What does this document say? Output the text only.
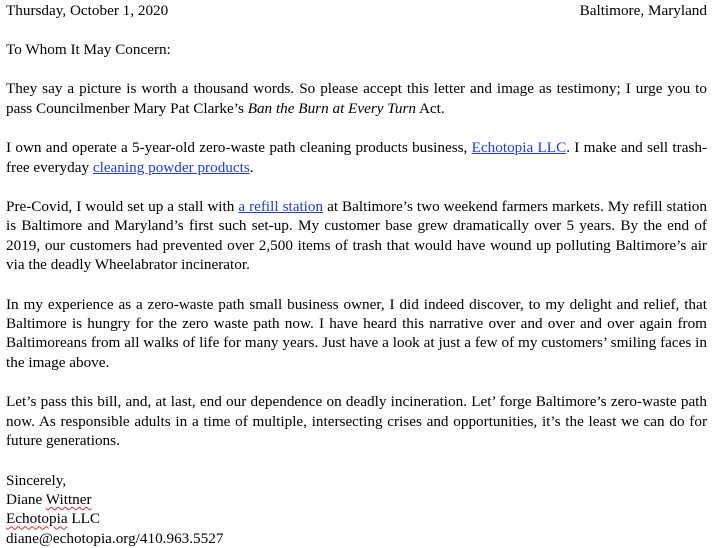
Thursday, October 1, 2020	Baltimore, Maryland

To Whom It May Concern:

They say a picture is worth a thousand words. So please accept this letter and image as testimony; I urge you to pass Councilmenber Mary Pat Clarke’s Ban the Burn at Every Turn Act.

I own and operate a 5-year-old zero-waste path cleaning products business, Echotopia LLC. I make and sell trash-free everyday cleaning powder products.

Pre-Covid, I would set up a stall with a refill station at Baltimore’s two weekend farmers markets. My refill station is Baltimore and Maryland’s first such set-up. My customer base grew dramatically over 5 years. By the end of 2019, our customers had prevented over 2,500 items of trash that would have wound up polluting Baltimore’s air via the deadly Wheelabrator incinerator.

In my experience as a zero-waste path small business owner, I did indeed discover, to my delight and relief, that Baltimore is hungry for the zero waste path now. I have heard this narrative over and over and over again from Baltimoreans from all walks of life for many years. Just have a look at just a few of my customers’ smiling faces in the image above.

Let’s pass this bill, and, at last, end our dependence on deadly incineration. Let’ forge Baltimore’s zero-waste path now. As responsible adults in a time of multiple, intersecting crises and opportunities, it’s the least we can do for future generations.

Sincerely,
Diane Wittner
Echotopia LLC
diane@echotopia.org/410.963.5527
